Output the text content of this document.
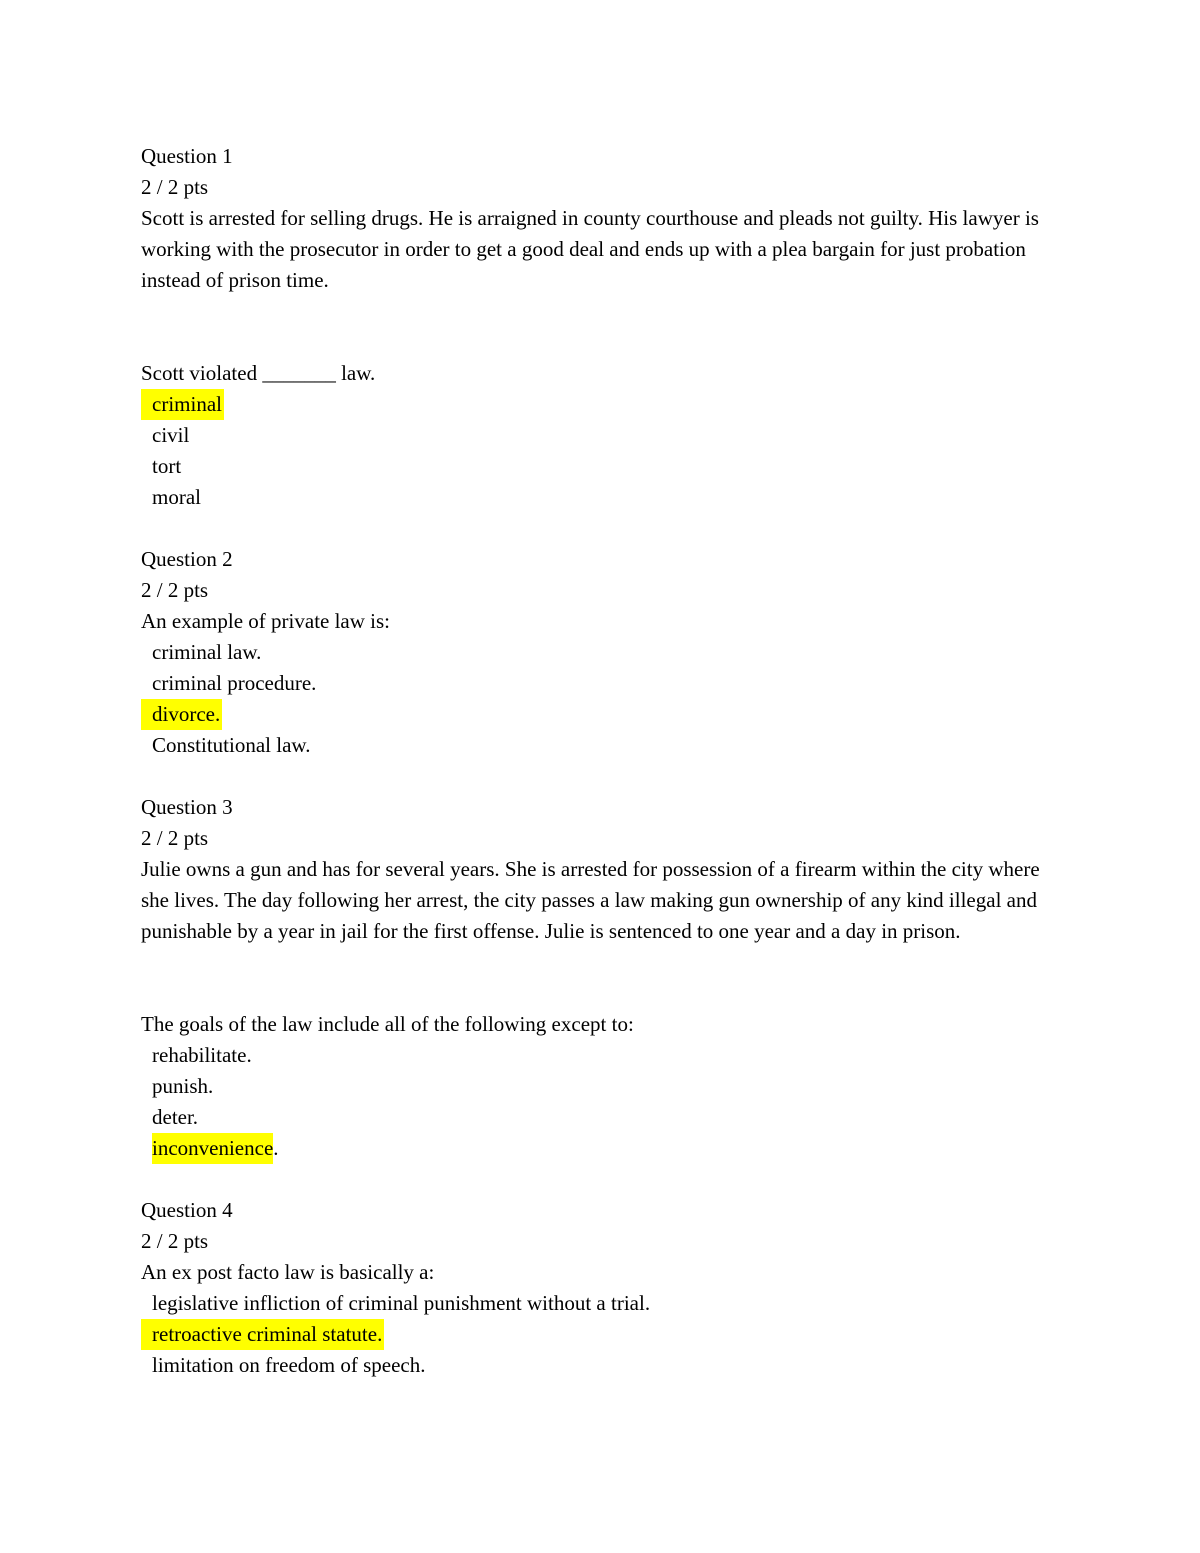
Question 1
2 / 2 pts
Scott is arrested for selling drugs. He is arraigned in county courthouse and pleads not guilty. His lawyer is working with the prosecutor in order to get a good deal and ends up with a plea bargain for just probation instead of prison time.
Scott violated _______ law.
criminal
civil
tort
moral
Question 2
2 / 2 pts
An example of private law is:
criminal law.
criminal procedure.
divorce.
Constitutional law.
Question 3
2 / 2 pts
Julie owns a gun and has for several years. She is arrested for possession of a firearm within the city where she lives. The day following her arrest, the city passes a law making gun ownership of any kind illegal and punishable by a year in jail for the first offense. Julie is sentenced to one year and a day in prison.
The goals of the law include all of the following except to:
rehabilitate.
punish.
deter.
inconvenience.
Question 4
2 / 2 pts
An ex post facto law is basically a:
legislative infliction of criminal punishment without a trial.
retroactive criminal statute.
limitation on freedom of speech.
